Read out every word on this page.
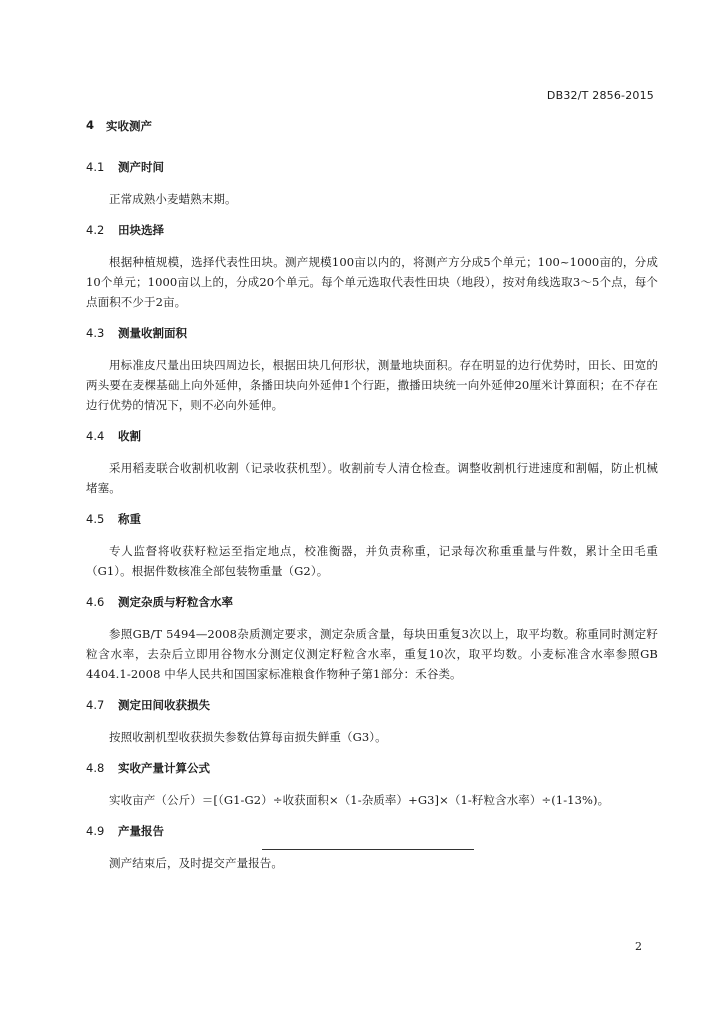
DB32/T 2856-2015
4	实收测产
4.1	测产时间

正常成熟小麦蜡熟末期。

4.2	田块选择

根据种植规模，选择代表性田块。测产规模100亩以内的，将测产方分成5个单元；100~1000亩的，分成10个单元；1000亩以上的，分成20个单元。每个单元选取代表性田块（地段），按对角线选取3～5个点，每个点面积不少于2亩。

4.3	测量收割面积

用标准皮尺量出田块四周边长，根据田块几何形状，测量地块面积。存在明显的边行优势时，田长、田宽的两头要在麦棵基础上向外延伸，条播田块向外延伸1个行距，撒播田块统一向外延伸20厘米计算面积；在不存在边行优势的情况下，则不必向外延伸。

4.4	收割

采用稻麦联合收割机收割（记录收获机型）。收割前专人清仓检查。调整收割机行进速度和割幅，防止机械堵塞。

4.5	称重

专人监督将收获籽粒运至指定地点，校准衡器，并负责称重，记录每次称重重量与件数，累计全田毛重（G1）。根据件数核准全部包装物重量（G2）。

4.6	测定杂质与籽粒含水率

参照GB/T 5494—2008杂质测定要求，测定杂质含量，每块田重复3次以上，取平均数。称重同时测定籽粒含水率，去杂后立即用谷物水分测定仪测定籽粒含水率，重复10次，取平均数。小麦标准含水率参照GB 4404.1-2008 中华人民共和国国家标准粮食作物种子第1部分：禾谷类。

4.7	测定田间收获损失

按照收割机型收获损失参数估算每亩损失鲜重（G3）。

4.8	实收产量计算公式

实收亩产（公斤）＝[（G1-G2）÷收获面积×（1-杂质率）+G3]×（1-籽粒含水率）÷(1-13%)。

4.9	产量报告

测产结束后，及时提交产量报告。

2
